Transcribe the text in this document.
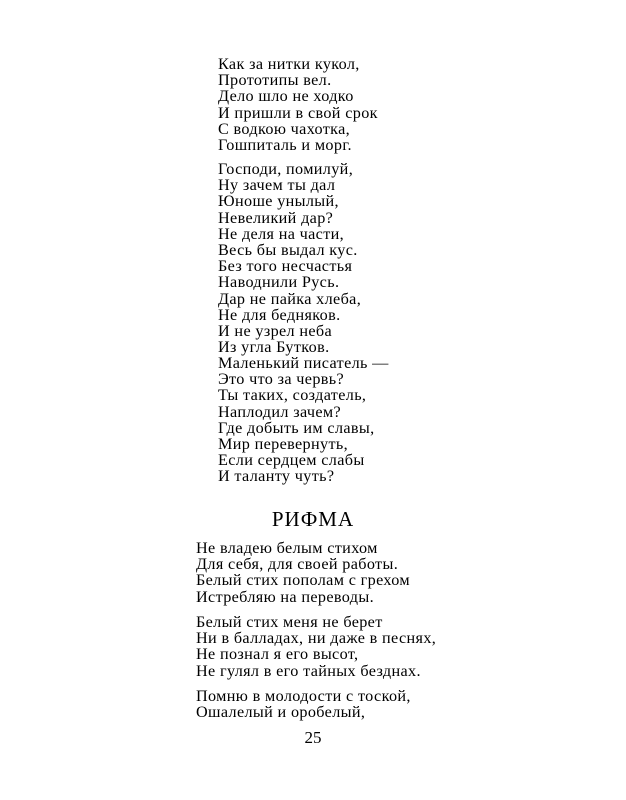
Как за нитки кукол,
Прототипы вел.
Дело шло не ходко
И пришли в свой срок
С водкою чахотка,
Гошпиталь и морг.
Господи, помилуй,
Ну зачем ты дал
Юноше унылый,
Невеликий дар?
Не деля на части,
Весь бы выдал кус.
Без того несчастья
Наводнили Русь.
Дар не пайка хлеба,
Не для бедняков.
И не узрел неба
Из угла Бутков.
Маленький писатель —
Это что за червь?
Ты таких, создатель,
Наплодил зачем?
Где добыть им славы,
Мир перевернуть,
Если сердцем слабы
И таланту чуть?
РИФМА
Не владею белым стихом
Для себя, для своей работы.
Белый стих пополам с грехом
Истребляю на переводы.
Белый стих меня не берет
Ни в балладах, ни даже в песнях,
Не познал я его высот,
Не гулял в его тайных безднах.
Помню в молодости с тоской,
Ошалелый и оробелый,
25
